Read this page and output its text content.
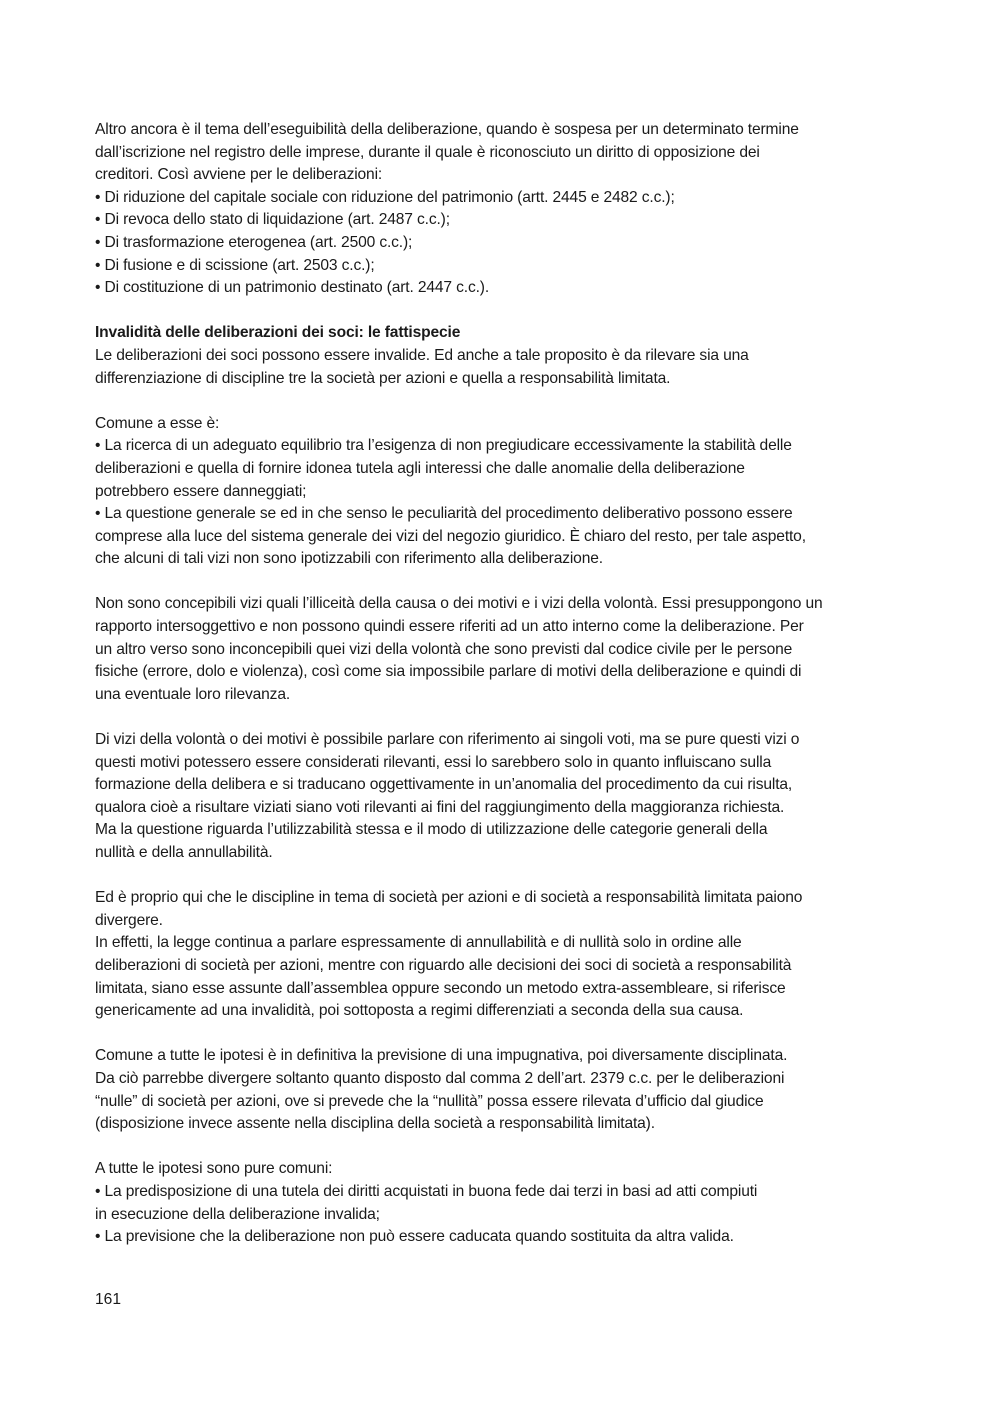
Altro ancora è il tema dell’eseguibilità della deliberazione, quando è sospesa per un determinato termine
dall’iscrizione nel registro delle imprese, durante il quale è riconosciuto un diritto di opposizione dei
creditori. Così avviene per le deliberazioni:
• Di riduzione del capitale sociale con riduzione del patrimonio (artt. 2445 e 2482 c.c.);
• Di revoca dello stato di liquidazione (art. 2487 c.c.);
• Di trasformazione eterogenea (art. 2500 c.c.);
• Di fusione e di scissione (art. 2503 c.c.);
• Di costituzione di un patrimonio destinato (art. 2447 c.c.).
Invalidità delle deliberazioni dei soci: le fattispecie
Le deliberazioni dei soci possono essere invalide. Ed anche a tale proposito è da rilevare sia una
differenziazione di discipline tre la società per azioni e quella a responsabilità limitata.
Comune a esse è:
• La ricerca di un adeguato equilibrio tra l’esigenza di non pregiudicare eccessivamente la stabilità delle
deliberazioni e quella di fornire idonea tutela agli interessi che dalle anomalie della deliberazione
potrebbero essere danneggiati;
• La questione generale se ed in che senso le peculiarità del procedimento deliberativo possono essere
comprese alla luce del sistema generale dei vizi del negozio giuridico. È chiaro del resto, per tale aspetto,
che alcuni di tali vizi non sono ipotizzabili con riferimento alla deliberazione.
Non sono concepibili vizi quali l’illiceità della causa o dei motivi e i vizi della volontà. Essi presuppongono un
rapporto intersoggettivo e non possono quindi essere riferiti ad un atto interno come la deliberazione. Per
un altro verso sono inconcepibili quei vizi della volontà che sono previsti dal codice civile per le persone
fisiche (errore, dolo e violenza), così come sia impossibile parlare di motivi della deliberazione e quindi di
una eventuale loro rilevanza.
Di vizi della volontà o dei motivi è possibile parlare con riferimento ai singoli voti, ma se pure questi vizi o
questi motivi potessero essere considerati rilevanti, essi lo sarebbero solo in quanto influiscano sulla
formazione della delibera e si traducano oggettivamente in un’anomalia del procedimento da cui risulta,
qualora cioè a risultare viziati siano voti rilevanti ai fini del raggiungimento della maggioranza richiesta.
Ma la questione riguarda l’utilizzabilità stessa e il modo di utilizzazione delle categorie generali della
nullità e della annullabilità.
Ed è proprio qui che le discipline in tema di società per azioni e di società a responsabilità limitata paiono
divergere.
In effetti, la legge continua a parlare espressamente di annullabilità e di nullità solo in ordine alle
deliberazioni di società per azioni, mentre con riguardo alle decisioni dei soci di società a responsabilità
limitata, siano esse assunte dall’assemblea oppure secondo un metodo extra-assembleare, si riferisce
genericamente ad una invalidità, poi sottoposta a regimi differenziati a seconda della sua causa.
Comune a tutte le ipotesi è in definitiva la previsione di una impugnativa, poi diversamente disciplinata.
Da ciò parrebbe divergere soltanto quanto disposto dal comma 2 dell’art. 2379 c.c. per le deliberazioni
“nulle” di società per azioni, ove si prevede che la “nullità” possa essere rilevata d’ufficio dal giudice
(disposizione invece assente nella disciplina della società a responsabilità limitata).
A tutte le ipotesi sono pure comuni:
• La predisposizione di una tutela dei diritti acquistati in buona fede dai terzi in basi ad atti compiuti
in esecuzione della deliberazione invalida;
• La previsione che la deliberazione non può essere caducata quando sostituita da altra valida.
161
